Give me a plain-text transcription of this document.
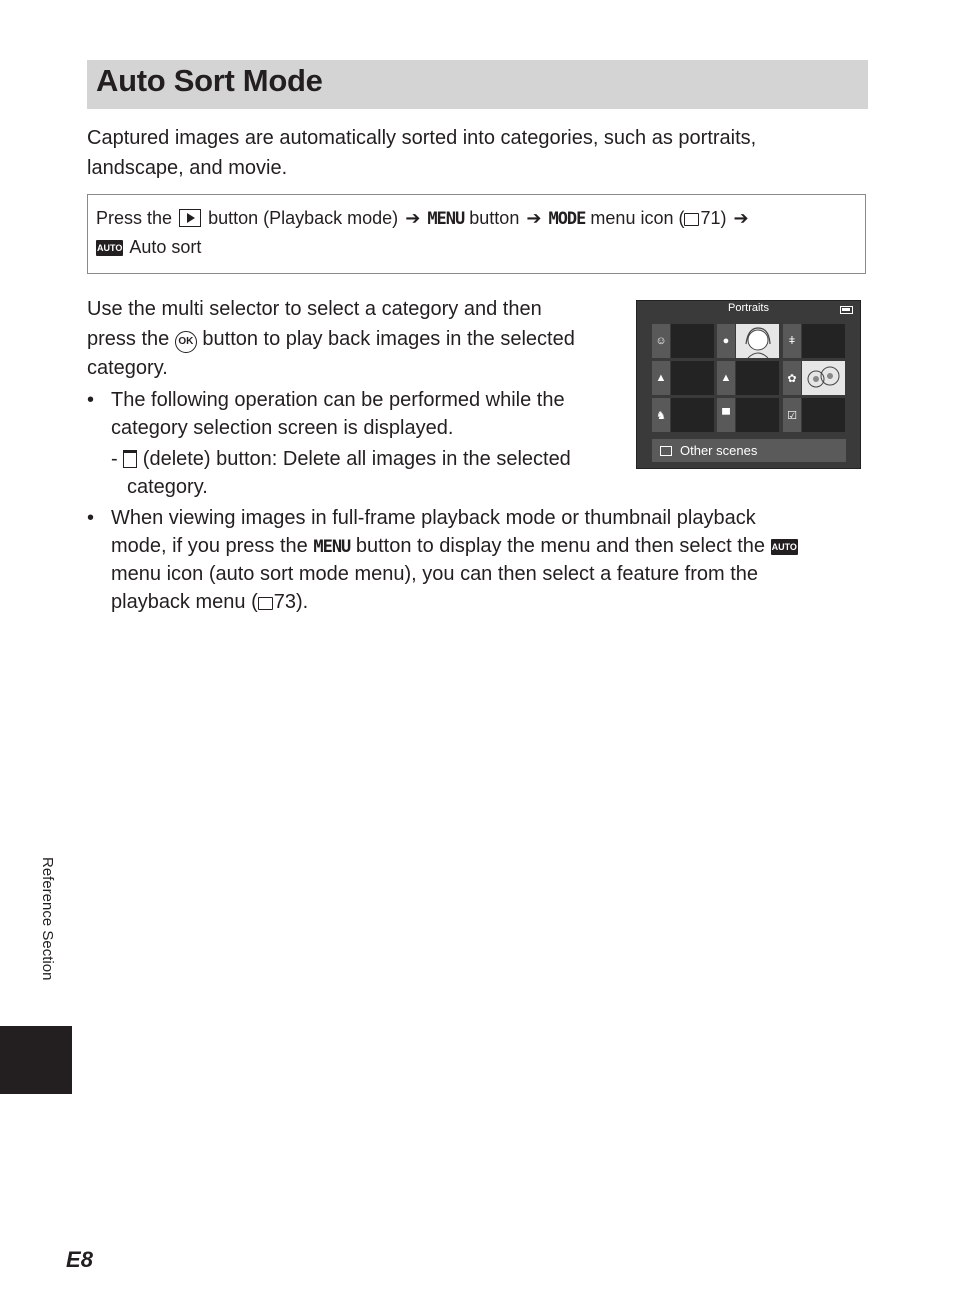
Auto Sort Mode

Captured images are automatically sorted into categories, such as portraits, landscape, and movie.

Press the button (Playback mode) ➔ MENU button ➔ MODE menu icon ( 71) ➔
AUTO Auto sort

Use the multi selector to select a category and then

press the OK button to play back images in the selected

category.

• The following operation can be performed while the
category selection screen is displayed.
-  (delete) button: Delete all images in the selected
category.
• When viewing images in full-frame playback mode or thumbnail playback
mode, if you press the MENU button to display the menu and then select the AUTO
menu icon (auto sort mode menu), you can then select a feature from the
playback menu ( 73).
Portraits
☺	●	ǂ
▲	▲	✿
♞	▀	☑
Other scenes
Reference Section
E8
